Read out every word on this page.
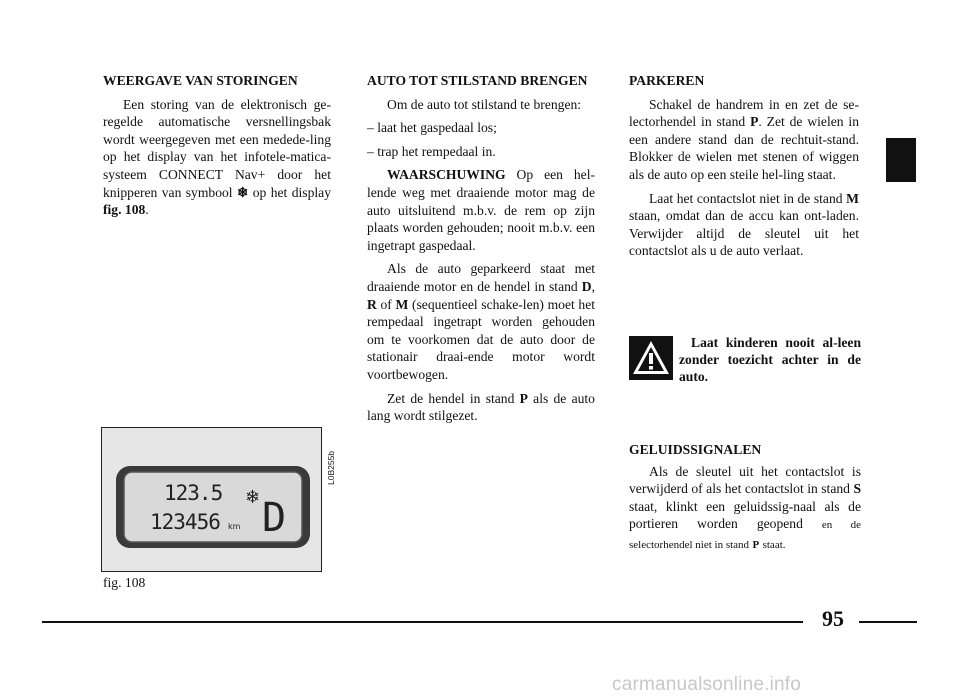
WEERGAVE VAN STORINGEN

Een storing van de elektronisch ge-regelde automatische versnellingsbak wordt weergegeven met een mededе-ling op het display van het infotele-matica-systeem CONNECT Nav+ door het knipperen van symbool ❄ op het display fig. 108.

123.5
123456 km
❄ D
L0B255b
fig. 108

AUTO TOT STILSTAND BRENGEN

Om de auto tot stilstand te brengen:

– laat het gaspedaal los;

– trap het rempedaal in.

WAARSCHUWING Op een hel-lende weg met draaiende motor mag de auto uitsluitend m.b.v. de rem op zijn plaats worden gehouden; nooit m.b.v. een ingetrapt gaspedaal.

Als de auto geparkeerd staat met draaiende motor en de hendel in stand D, R of M (sequentieel schake-len) moet het rempedaal ingetrapt worden gehouden om te voorkomen dat de auto door de stationair draai-ende motor wordt voortbewogen.

Zet de hendel in stand P als de auto lang wordt stilgezet.

PARKEREN

Schakel de handrem in en zet de se-lectorhendel in stand P. Zet de wielen in een andere stand dan de rechtuit-stand. Blokker de wielen met stenen of wiggen als de auto op een steile hel-ling staat.

Laat het contactslot niet in de stand M staan, omdat dan de accu kan ont-laden. Verwijder altijd de sleutel uit het contactslot als u de auto verlaat.

Laat kinderen nooit al-leen zonder toezicht achter in de auto.

GELUIDSSIGNALEN

Als de sleutel uit het contactslot is verwijderd of als het contactslot in stand S staat, klinkt een geluidssig-naal als de portieren worden geopend en de selectorhendel niet in stand P staat.

95
carmanualsonline.info
